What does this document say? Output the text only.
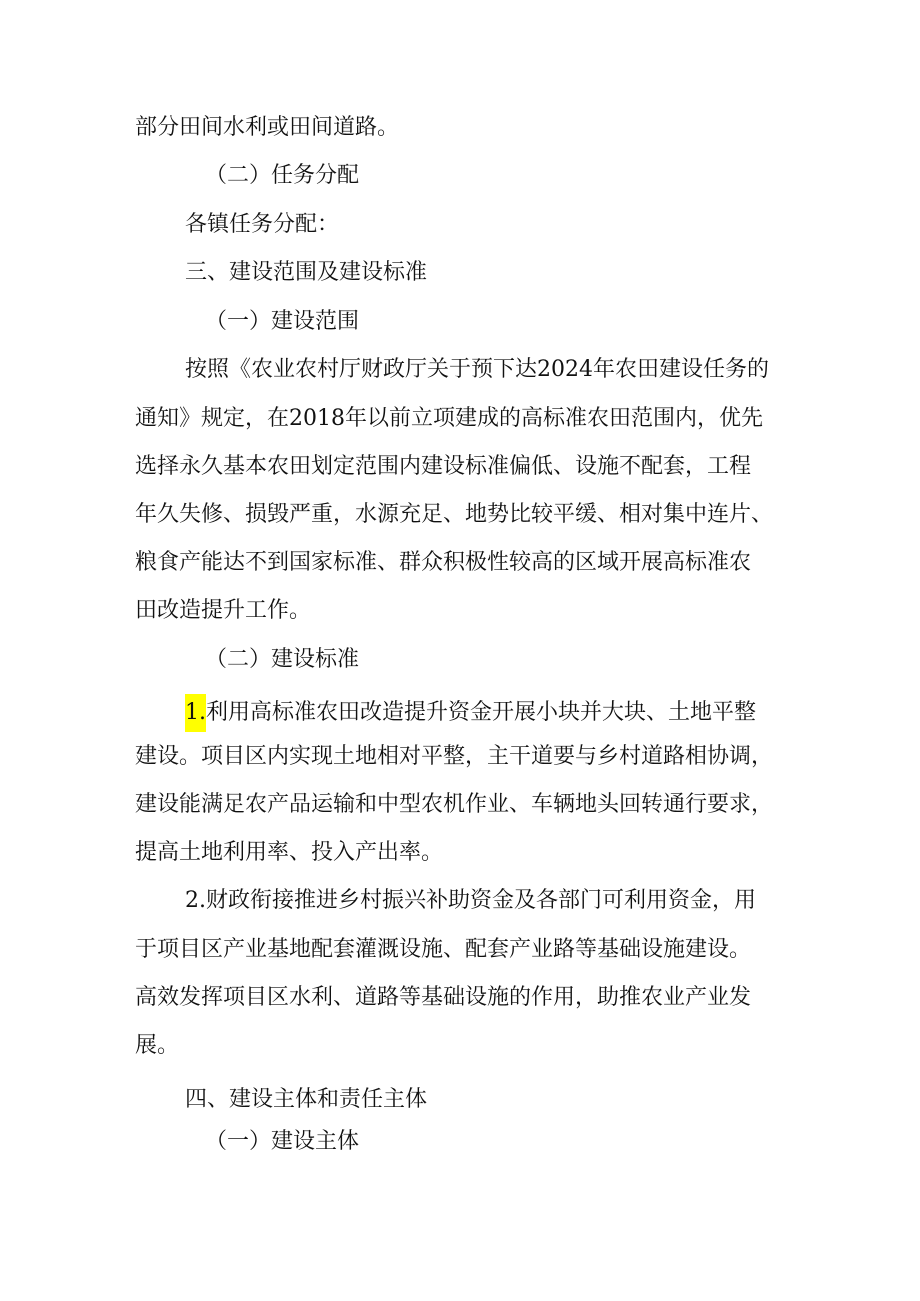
部分田间水利或田间道路。
（二）任务分配
各镇任务分配：
三、建设范围及建设标准
（一）建设范围
按照《农业农村厅财政厅关于预下达2024年农田建设任务的
通知》规定，在2018年以前立项建成的高标准农田范围内，优先
选择永久基本农田划定范围内建设标准偏低、设施不配套，工程
年久失修、损毁严重，水源充足、地势比较平缓、相对集中连片、
粮食产能达不到国家标准、群众积极性较高的区域开展高标准农
田改造提升工作。
（二）建设标准
1.利用高标准农田改造提升资金开展小块并大块、土地平整
建设。项目区内实现土地相对平整，主干道要与乡村道路相协调，
建设能满足农产品运输和中型农机作业、车辆地头回转通行要求，
提高土地利用率、投入产出率。
2.财政衔接推进乡村振兴补助资金及各部门可利用资金，用
于项目区产业基地配套灌溉设施、配套产业路等基础设施建设。
高效发挥项目区水利、道路等基础设施的作用，助推农业产业发
展。
四、建设主体和责任主体
（一）建设主体
